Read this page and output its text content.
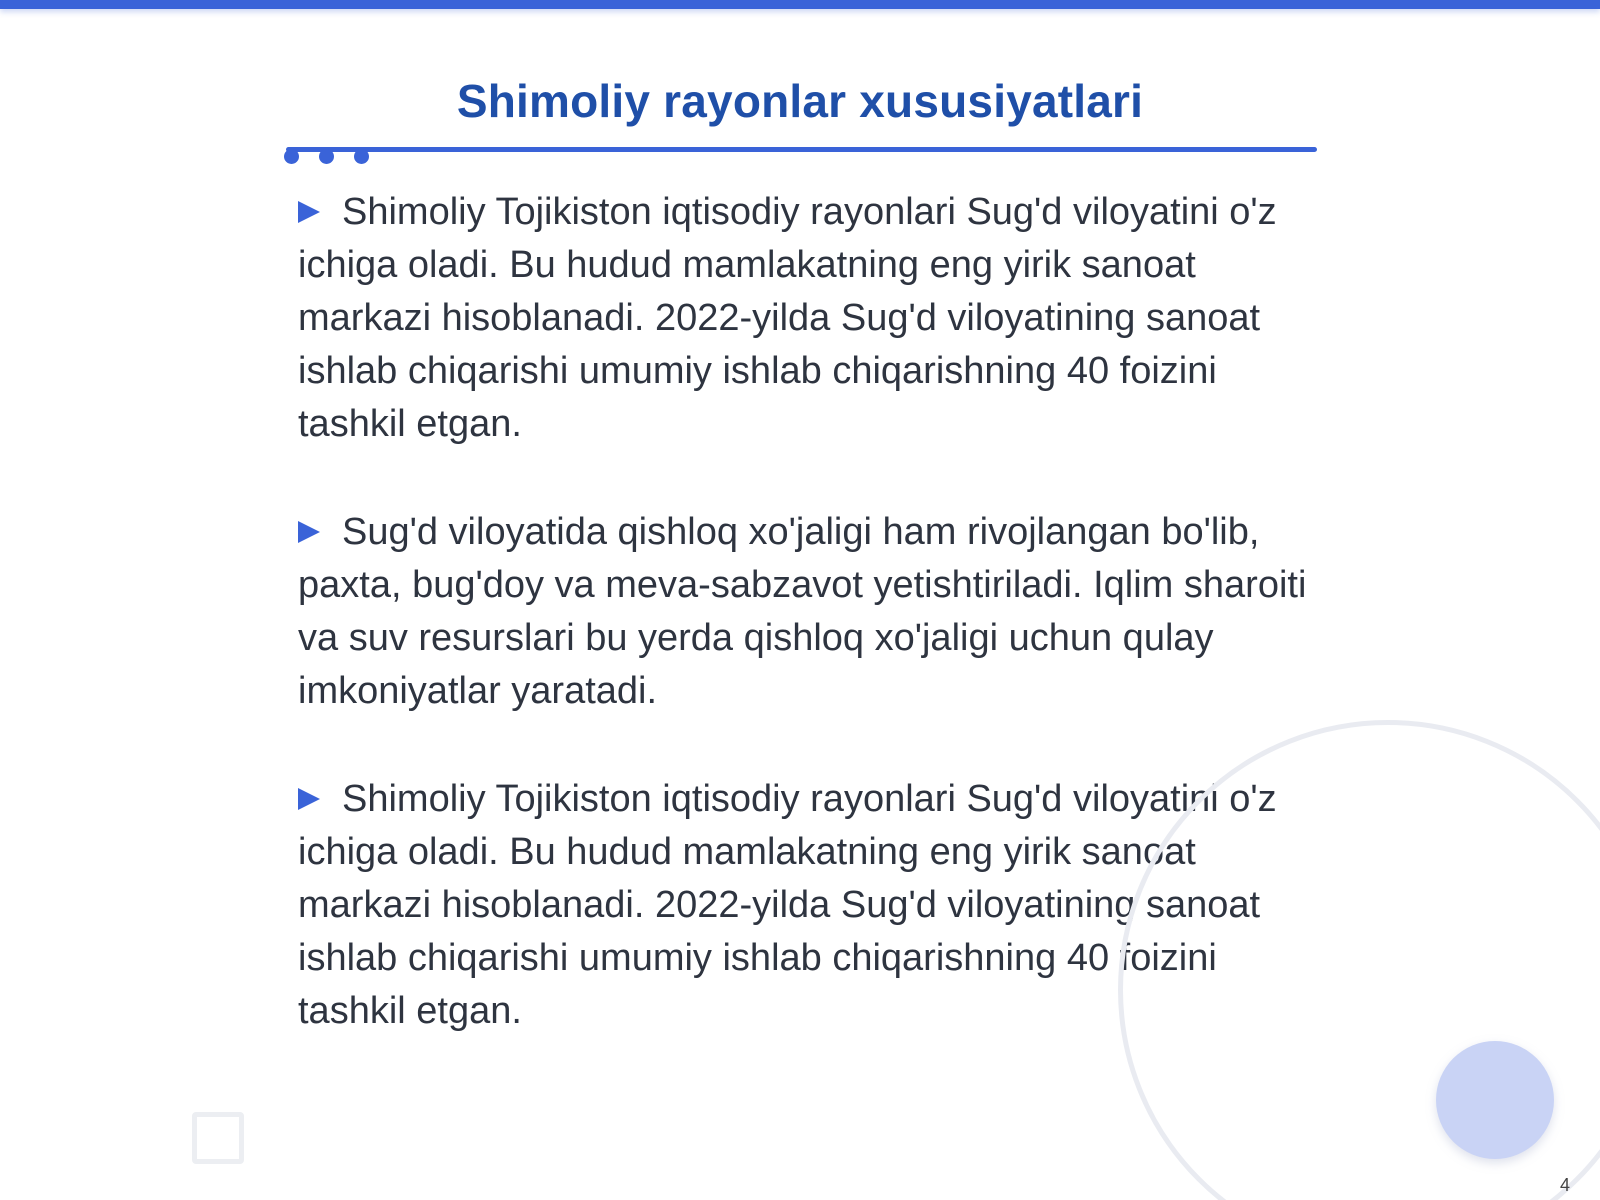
Shimoliy rayonlar xususiyatlari

Shimoliy Tojikiston iqtisodiy rayonlari Sug'd viloyatini o'z ichiga oladi. Bu hudud mamlakatning eng yirik sanoat markazi hisoblanadi. 2022-yilda Sug'd viloyatining sanoat ishlab chiqarishi umumiy ishlab chiqarishning 40 foizini tashkil etgan.

Sug'd viloyatida qishloq xo'jaligi ham rivojlangan bo'lib, paxta, bug'doy va meva-sabzavot yetishtiriladi. Iqlim sharoiti va suv resurslari bu yerda qishloq xo'jaligi uchun qulay imkoniyatlar yaratadi.

Shimoliy Tojikiston iqtisodiy rayonlari Sug'd viloyatini o'z ichiga oladi. Bu hudud mamlakatning eng yirik sanoat markazi hisoblanadi. 2022-yilda Sug'd viloyatining sanoat ishlab chiqarishi umumiy ishlab chiqarishning 40 foizini tashkil etgan.

4
